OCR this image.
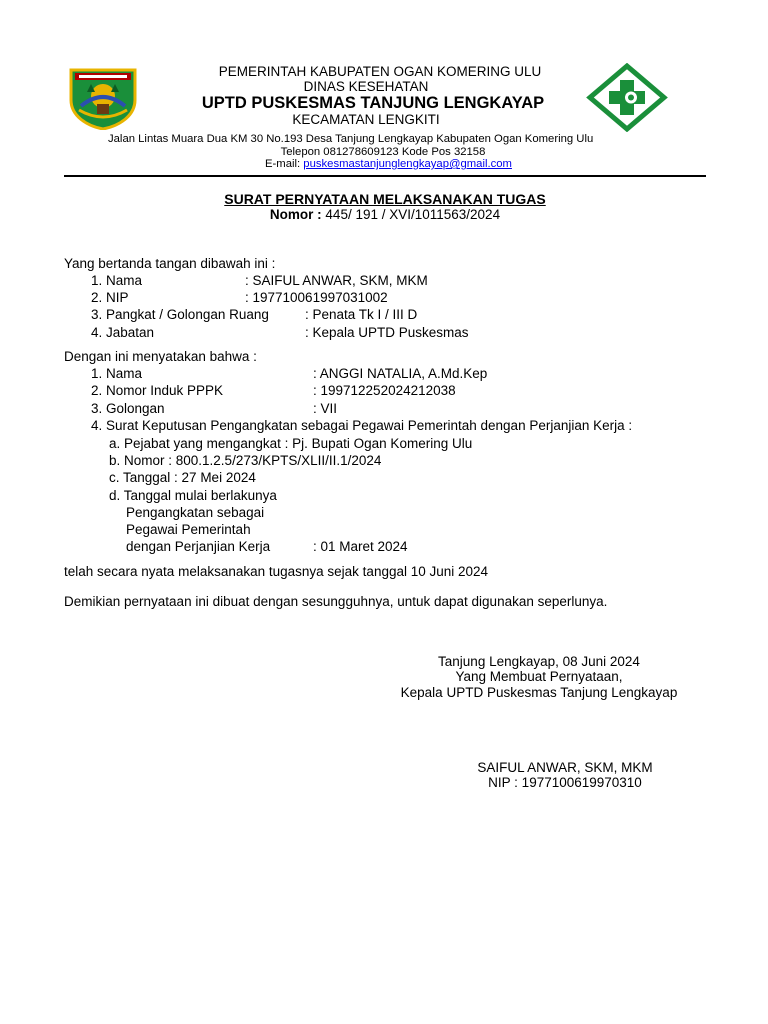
PEMERINTAH KABUPATEN OGAN KOMERING ULU
DINAS KESEHATAN
UPTD PUSKESMAS TANJUNG LENGKAYAP
KECAMATAN LENGKITI
Jalan Lintas Muara Dua KM 30 No.193 Desa Tanjung Lengkayap Kabupaten Ogan Komering Ulu
Telepon 081278609123 Kode Pos 32158
E-mail: puskesmastanjunglengkayap@gmail.com
SURAT PERNYATAAN MELAKSANAKAN TUGAS
Nomor : 445/ 191 / XVI/1011563/2024
Yang bertanda tangan dibawah ini :
1. Nama	: SAIFUL ANWAR, SKM, MKM
2. NIP	: 197710061997031002
3. Pangkat / Golongan Ruang	: Penata Tk I / III D
4. Jabatan	: Kepala UPTD Puskesmas
Dengan ini menyatakan bahwa :
1. Nama	: ANGGI NATALIA, A.Md.Kep
2. Nomor Induk PPPK	: 199712252024212038
3. Golongan	: VII
4. Surat Keputusan Pengangkatan sebagai Pegawai Pemerintah dengan Perjanjian Kerja :
a. Pejabat yang mengangkat : Pj. Bupati Ogan Komering Ulu
b. Nomor : 800.1.2.5/273/KPTS/XLII/II.1/2024
c. Tanggal : 27 Mei 2024
d. Tanggal mulai berlakunya
Pengangkatan sebagai
Pegawai Pemerintah
dengan Perjanjian Kerja	: 01 Maret 2024
telah secara nyata melaksanakan tugasnya sejak tanggal 10 Juni 2024
Demikian pernyataan ini dibuat dengan sesungguhnya, untuk dapat digunakan seperlunya.
Tanjung Lengkayap, 08 Juni 2024
Yang Membuat Pernyataan,
Kepala UPTD Puskesmas Tanjung Lengkayap
SAIFUL ANWAR, SKM, MKM
NIP : 1977100619970310
